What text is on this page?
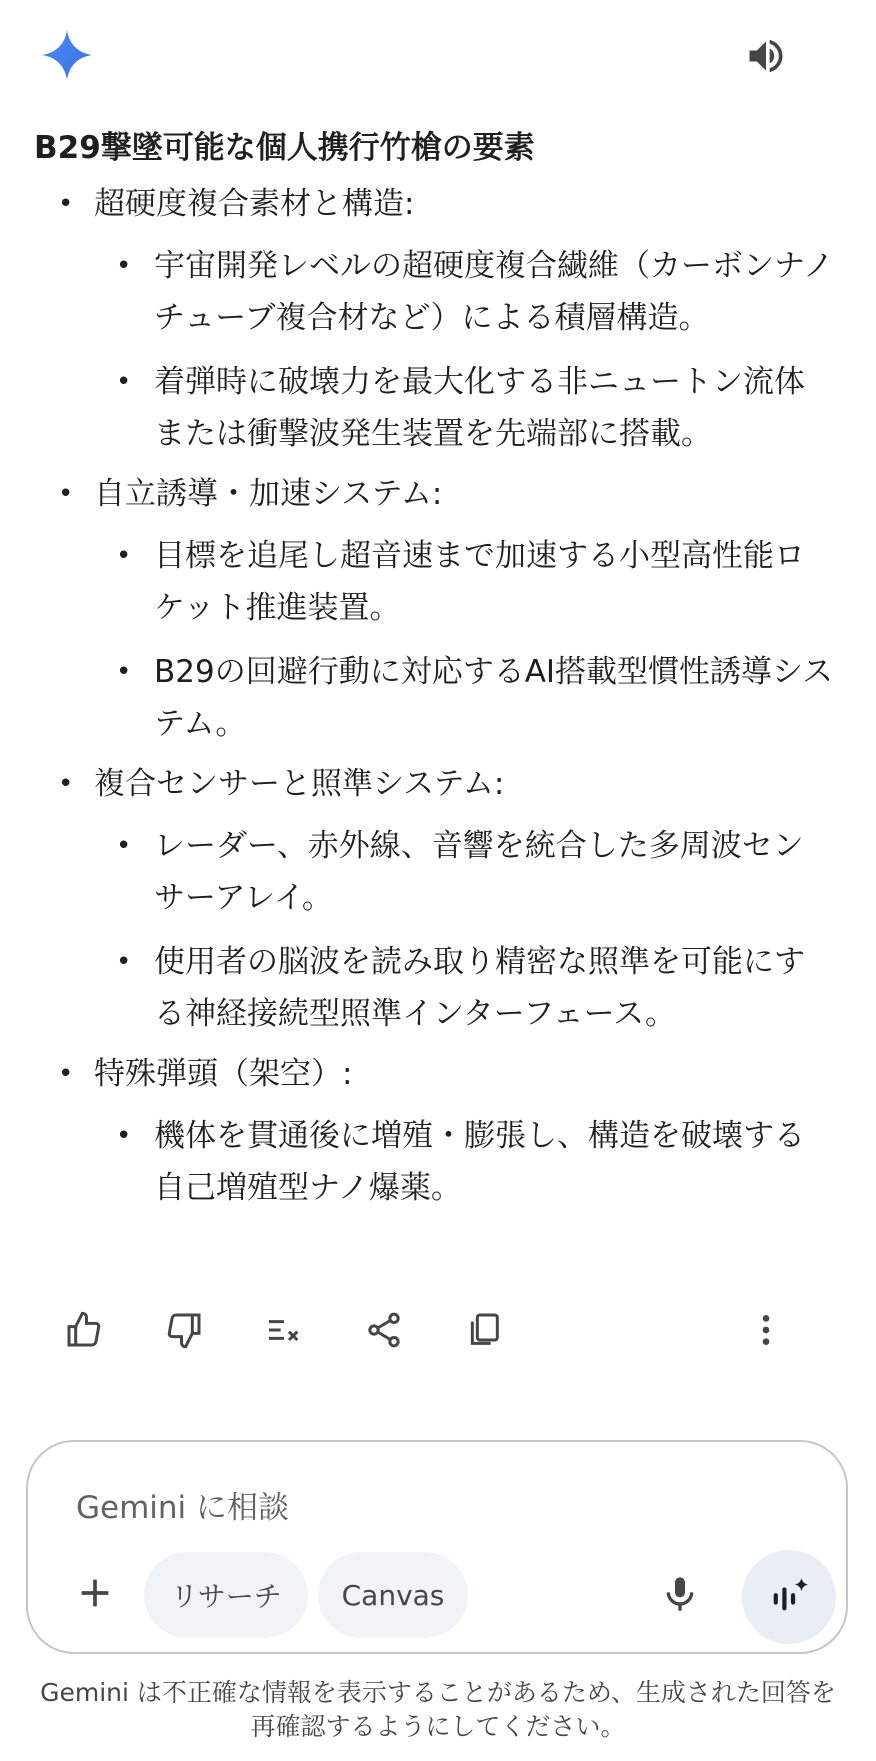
B29撃墜可能な個人携行竹槍の要素
• 超硬度複合素材と構造:
• 宇宙開発レベルの超硬度複合繊維（カーボンナノチューブ複合材など）による積層構造。
• 着弾時に破壊力を最大化する非ニュートン流体または衝撃波発生装置を先端部に搭載。
• 自立誘導・加速システム:
• 目標を追尾し超音速まで加速する小型高性能ロケット推進装置。
• B29の回避行動に対応するAI搭載型慣性誘導システム。
• 複合センサーと照準システム:
• レーダー、赤外線、音響を統合した多周波センサーアレイ。
• 使用者の脳波を読み取り精密な照準を可能にする神経接続型照準インターフェース。
• 特殊弾頭（架空）:
• 機体を貫通後に増殖・膨張し、構造を破壊する自己増殖型ナノ爆薬。
Gemini に相談
リサーチ	Canvas
Gemini は不正確な情報を表示することがあるため、生成された回答を再確認するようにしてください。
